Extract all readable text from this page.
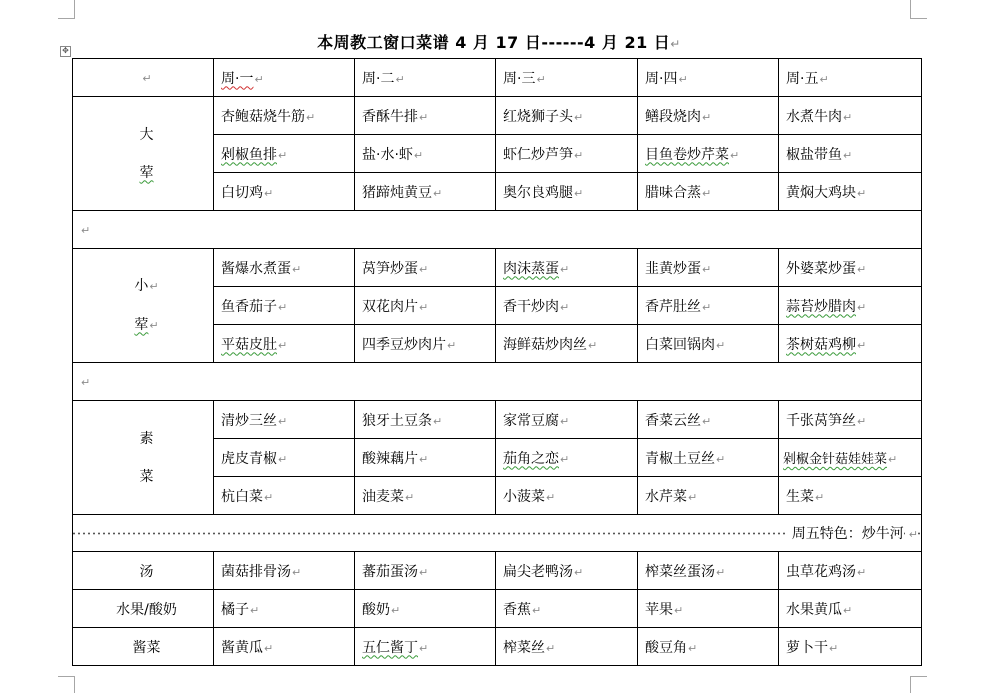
本周教工窗口菜谱 4 月 17 日------4 月 21 日↵
✥
↵	周·一↵	周·二↵	周·三↵	周·四↵	周·五↵

大
荤	杏鲍菇烧牛筋↵	香酥牛排↵	红烧狮子头↵	鳝段烧肉↵	水煮牛肉↵
	剁椒鱼排↵	盐·水·虾↵	虾仁炒芦笋↵	目鱼卷炒芹菜↵	椒盐带鱼↵
	白切鸡↵	猪蹄炖黄豆↵	奥尔良鸡腿↵	腊味合蒸↵	黄焖大鸡块↵
↵					

小↵
荤↵	酱爆水煮蛋↵	莴笋炒蛋↵	肉沫蒸蛋↵	韭黄炒蛋↵	外婆菜炒蛋↵
	鱼香茄子↵	双花肉片↵	香干炒肉↵	香芹肚丝↵	蒜苔炒腊肉↵
	平菇皮肚↵	四季豆炒肉片↵	海鲜菇炒肉丝↵	白菜回锅肉↵	茶树菇鸡柳↵
↵					

素
菜	清炒三丝↵	狼牙土豆条↵	家常豆腐↵	香菜云丝↵	千张莴笋丝↵
	虎皮青椒↵	酸辣藕片↵	茄角之恋↵	青椒土豆丝↵	剁椒金针菇娃娃菜↵
	杭白菜↵	油麦菜↵	小菠菜↵	水芹菜↵	生菜↵
周五特色：炒牛河 ↵					
汤	菌菇排骨汤↵	蕃茄蛋汤↵	扁尖老鸭汤↵	榨菜丝蛋汤↵	虫草花鸡汤↵
水果/酸奶	橘子↵	酸奶↵	香蕉↵	苹果↵	水果黄瓜↵
酱菜	酱黄瓜↵	五仁酱丁↵	榨菜丝↵	酸豆角↵	萝卜干↵
